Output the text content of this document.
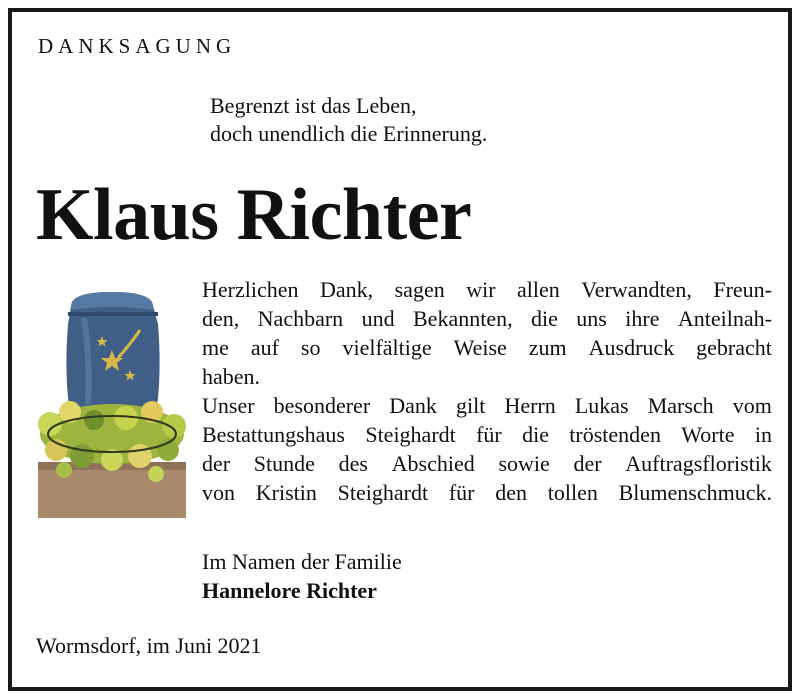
DANKSAGUNG
Begrenzt ist das Leben,
doch unendlich die Erinnerung.
Klaus Richter
Herzlichen Dank, sagen wir allen Verwandten, Freun-
den, Nachbarn und Bekannten, die uns ihre Anteilnah-
me auf so vielfältige Weise zum Ausdruck gebracht
haben.
Unser besonderer Dank gilt Herrn Lukas Marsch vom
Bestattungshaus Steighardt für die tröstenden Worte in
der Stunde des Abschied sowie der Auftragsfloristik
von Kristin Steighardt für den tollen Blumenschmuck.
Im Namen der Familie
Hannelore Richter
Wormsdorf, im Juni 2021
